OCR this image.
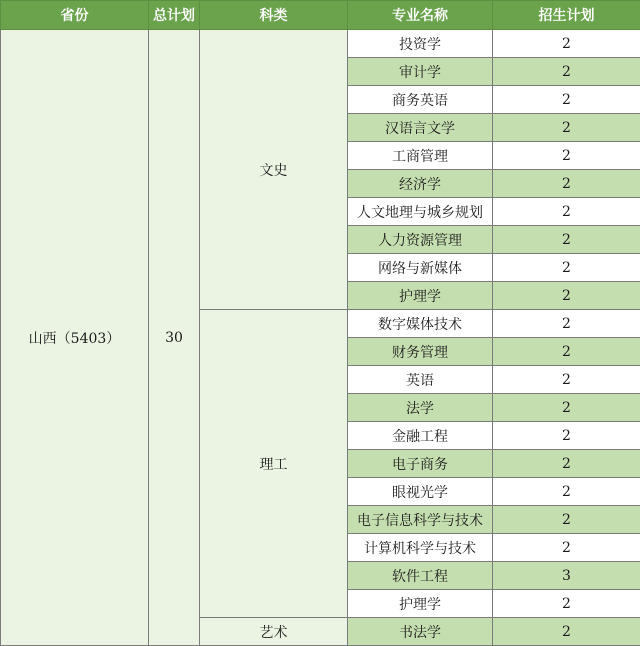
省份	总计划	科类	专业名称	招生计划
山西（5403）	30	文史	投资学	2
			审计学	2
			商务英语	2
			汉语言文学	2
			工商管理	2
			经济学	2
			人文地理与城乡规划	2
			人力资源管理	2
			网络与新媒体	2
			护理学	2
		理工	数字媒体技术	2
			财务管理	2
			英语	2
			法学	2
			金融工程	2
			电子商务	2
			眼视光学	2
			电子信息科学与技术	2
			计算机科学与技术	2
			软件工程	3
			护理学	2
		艺术	书法学	2
